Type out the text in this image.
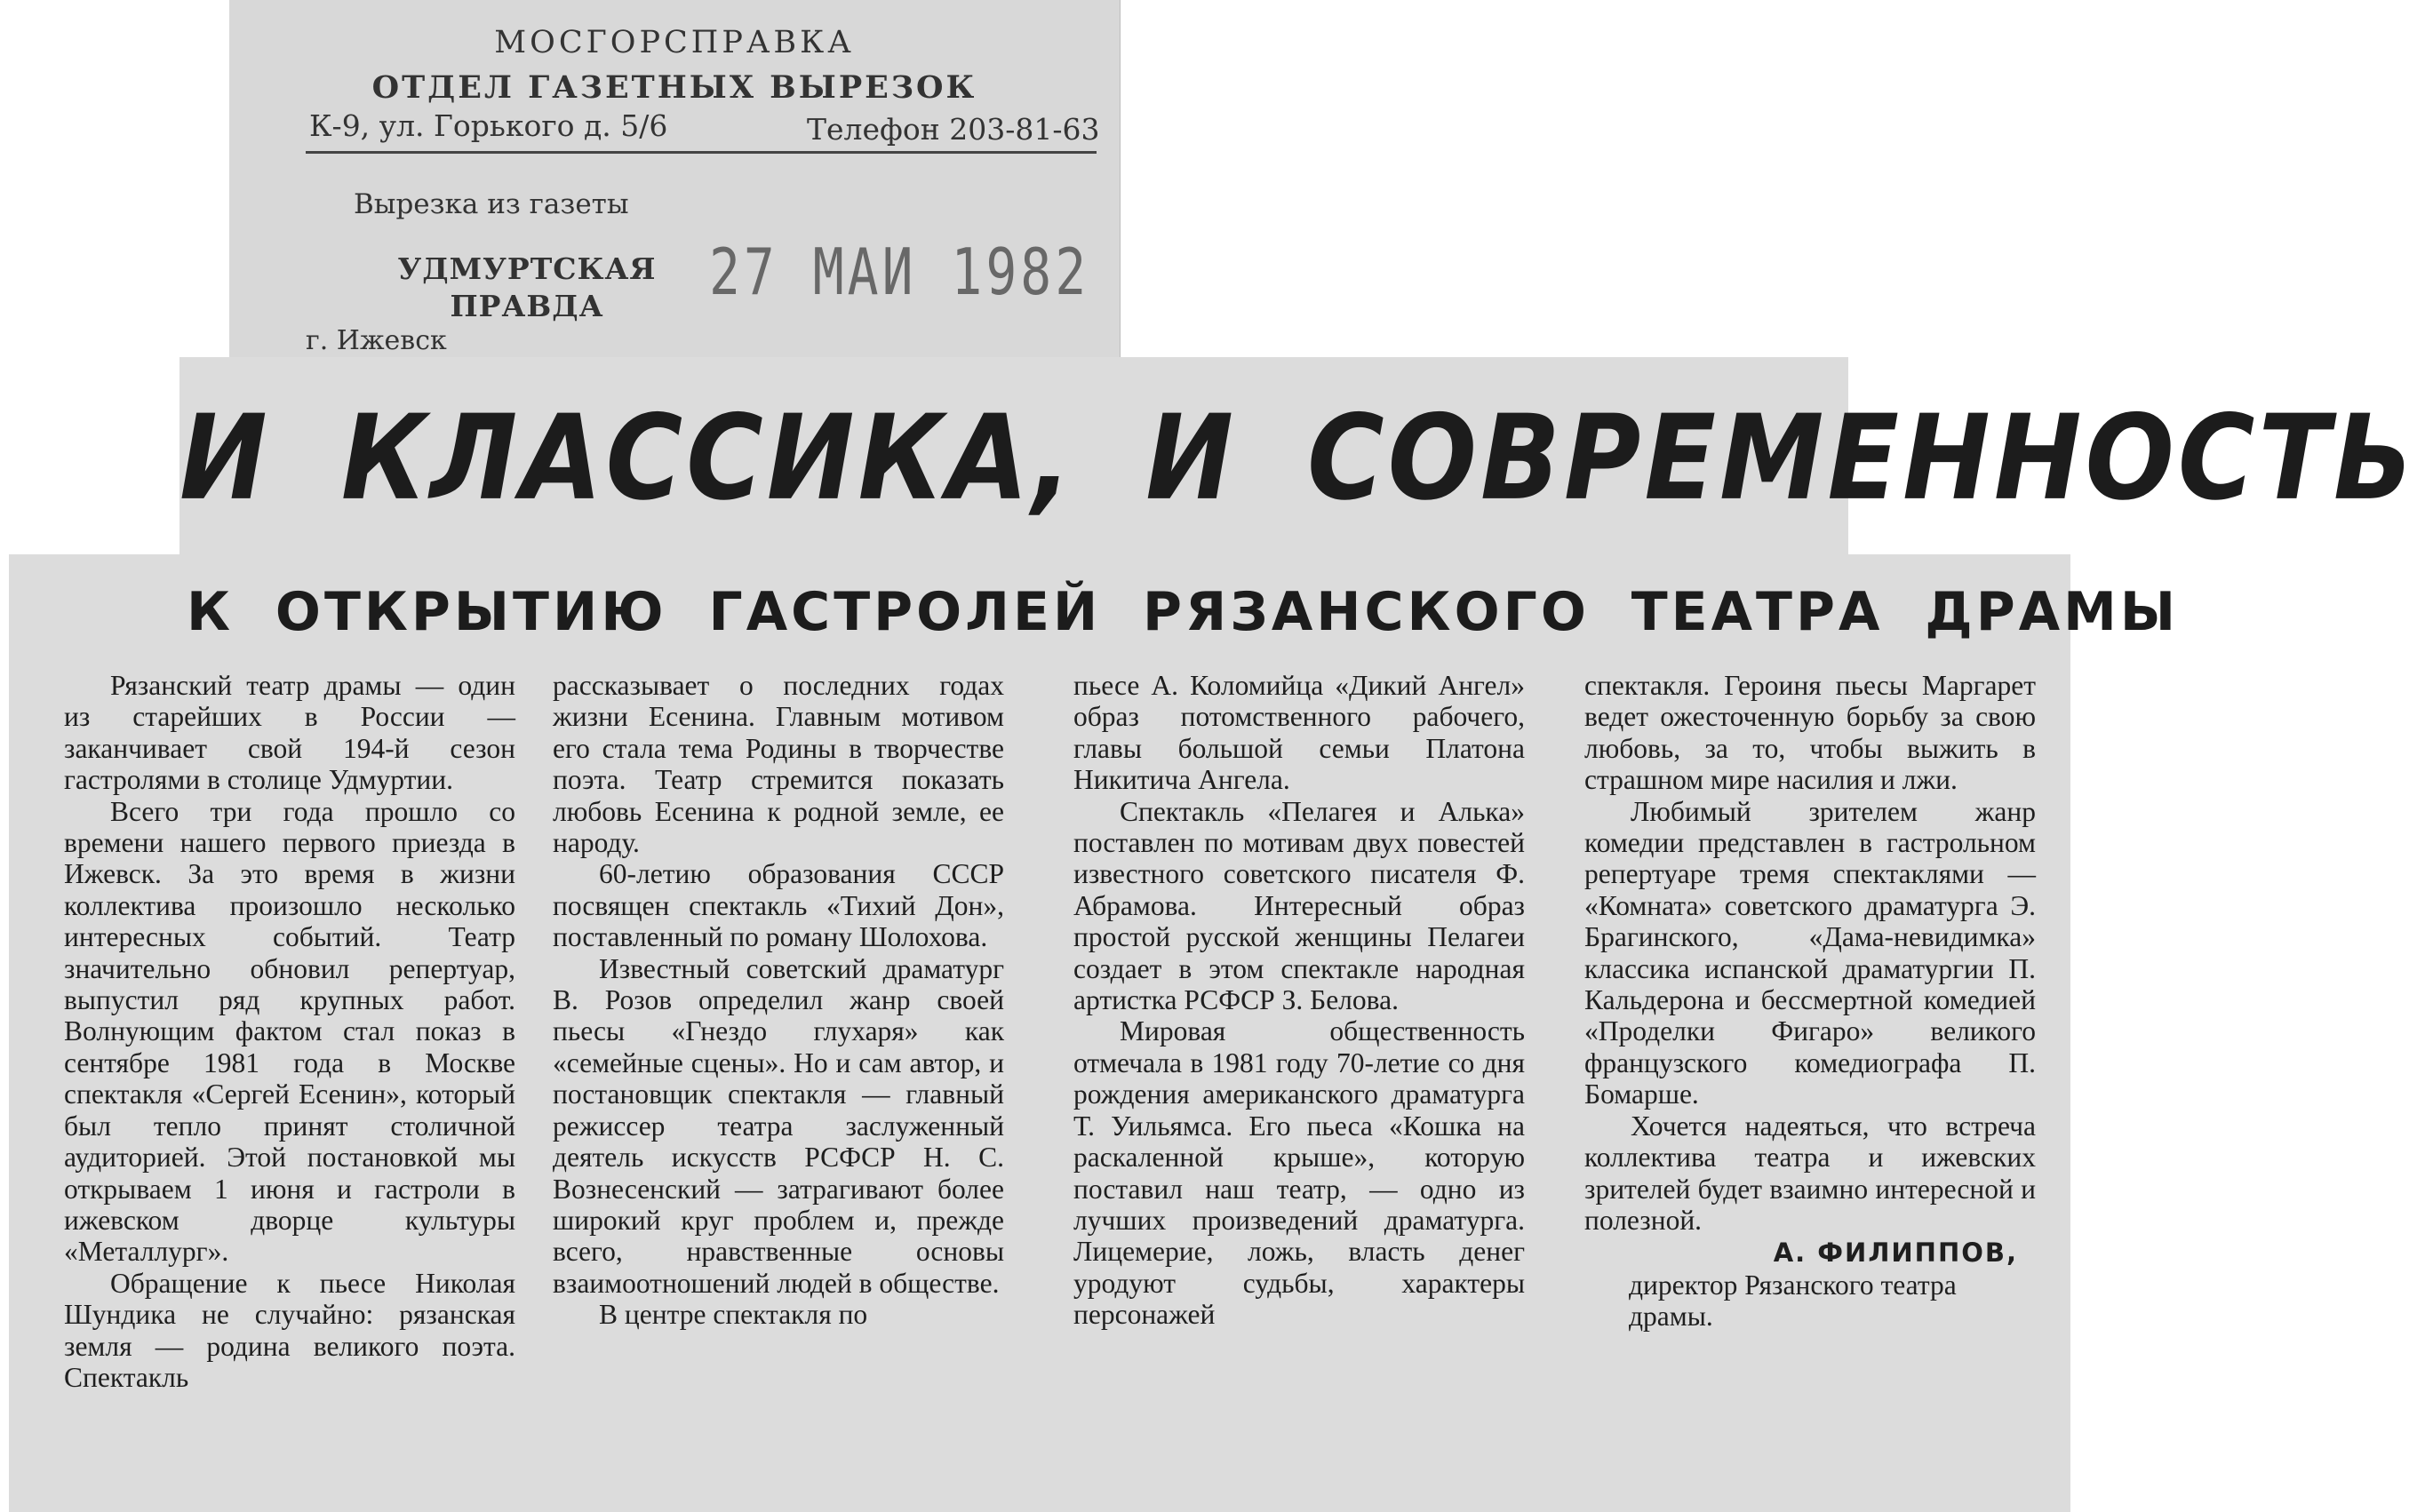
МОСГОРСПРАВКА
ОТДЕЛ ГАЗЕТНЫХ ВЫРЕЗОК
К-9, ул. Горького д. 5/6	Телефон 203-81-63
Вырезка из газеты
УДМУРТСКАЯ ПРАВДА
г. Ижевск
27 МАИ 1982
И КЛАССИКА, И СОВРЕМЕННОСТЬ
К ОТКРЫТИЮ ГАСТРОЛЕЙ РЯЗАНСКОГО ТЕАТРА ДРАМЫ

Рязанский театр драмы — один из старейших в России — заканчивает свой 194-й сезон гастролями в столице Удмуртии.

Всего три года прошло со времени нашего первого приезда в Ижевск. За это время в жизни коллектива произошло несколько интересных событий. Театр значительно обновил репертуар, выпустил ряд крупных работ. Волнующим фактом стал показ в сентябре 1981 года в Москве спектакля «Сергей Есенин», который был тепло принят столичной аудиторией. Этой постановкой мы открываем 1 июня и гастроли в ижевском дворце культуры «Металлург».

Обращение к пьесе Николая Шундика не случайно: рязанская земля — родина великого поэта. Спектакль

рассказывает о последних годах жизни Есенина. Главным мотивом его стала тема Родины в творчестве поэта. Театр стремится показать любовь Есенина к родной земле, ее народу.

60-летию образования СССР посвящен спектакль «Тихий Дон», поставленный по роману Шолохова.

Известный советский драматург В. Розов определил жанр своей пьесы «Гнездо глухаря» как «семейные сцены». Но и сам автор, и постановщик спектакля — главный режиссер театра заслуженный деятель искусств РСФСР Н. С. Вознесенский — затрагивают более широкий круг проблем и, прежде всего, нравственные основы взаимоотношений людей в обществе.

В центре спектакля по

пьесе А. Коломийца «Дикий Ангел» образ потомственного рабочего, главы большой семьи Платона Никитича Ангела.

Спектакль «Пелагея и Алька» поставлен по мотивам двух повестей известного советского писателя Ф. Абрамова. Интересный образ простой русской женщины Пелагеи создает в этом спектакле народная артистка РСФСР З. Белова.

Мировая общественность отмечала в 1981 году 70-летие со дня рождения американского драматурга Т. Уильямса. Его пьеса «Кошка на раскаленной крыше», которую поставил наш театр, — одно из лучших произведений драматурга. Лицемерие, ложь, власть денег уродуют судьбы, характеры персонажей

спектакля. Героиня пьесы Маргарет ведет ожесточенную борьбу за свою любовь, за то, чтобы выжить в страшном мире насилия и лжи.

Любимый зрителем жанр комедии представлен в гастрольном репертуаре тремя спектаклями — «Комната» советского драматурга Э. Брагинского, «Дама-невидимка» классика испанской драматургии П. Кальдерона и бессмертной комедией «Проделки Фигаро» великого французского комедиографа П. Бомарше.

Хочется надеяться, что встреча коллектива театра и ижевских зрителей будет взаимно интересной и полезной.

А. ФИЛИППОВ,

директор Рязанского театра драмы.
